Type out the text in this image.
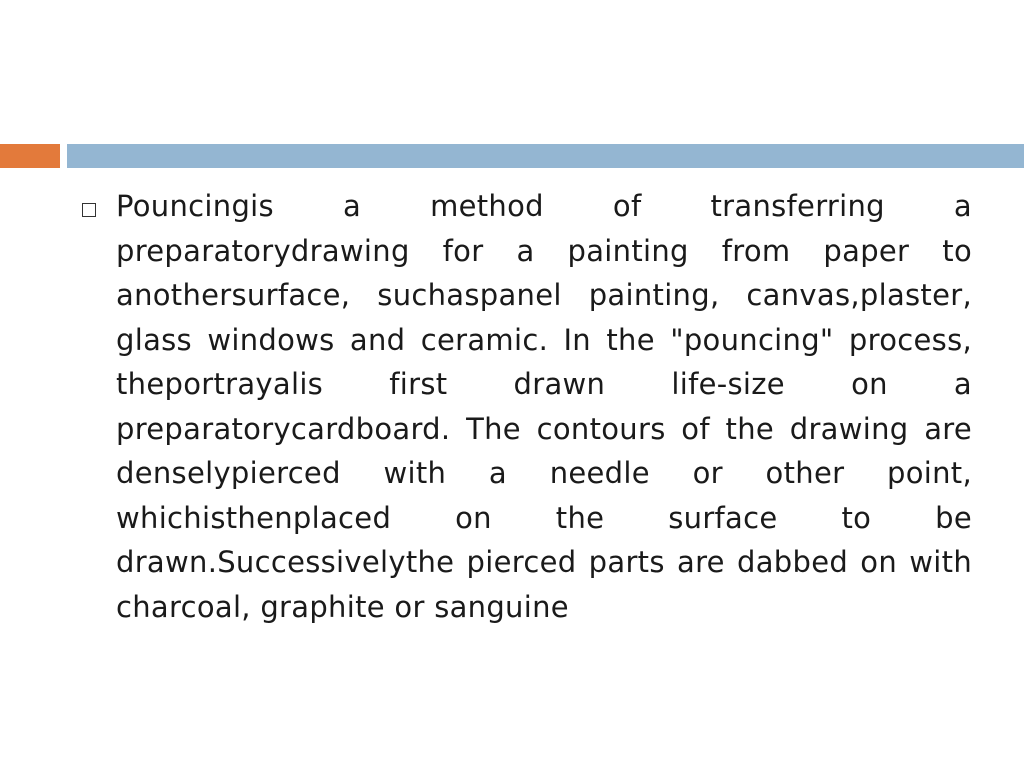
Pouncingis a method of transferring a preparatorydrawing for a painting from paper to anothersurface, suchaspanel painting, canvas,plaster, glass windows and ceramic. In the "pouncing" process, theportrayalis first drawn life-size on a preparatorycardboard. The contours of the drawing are denselypierced with a needle or other point, whichisthenplaced on the surface to be drawn.Successivelythe pierced parts are dabbed on with charcoal, graphite or sanguine
